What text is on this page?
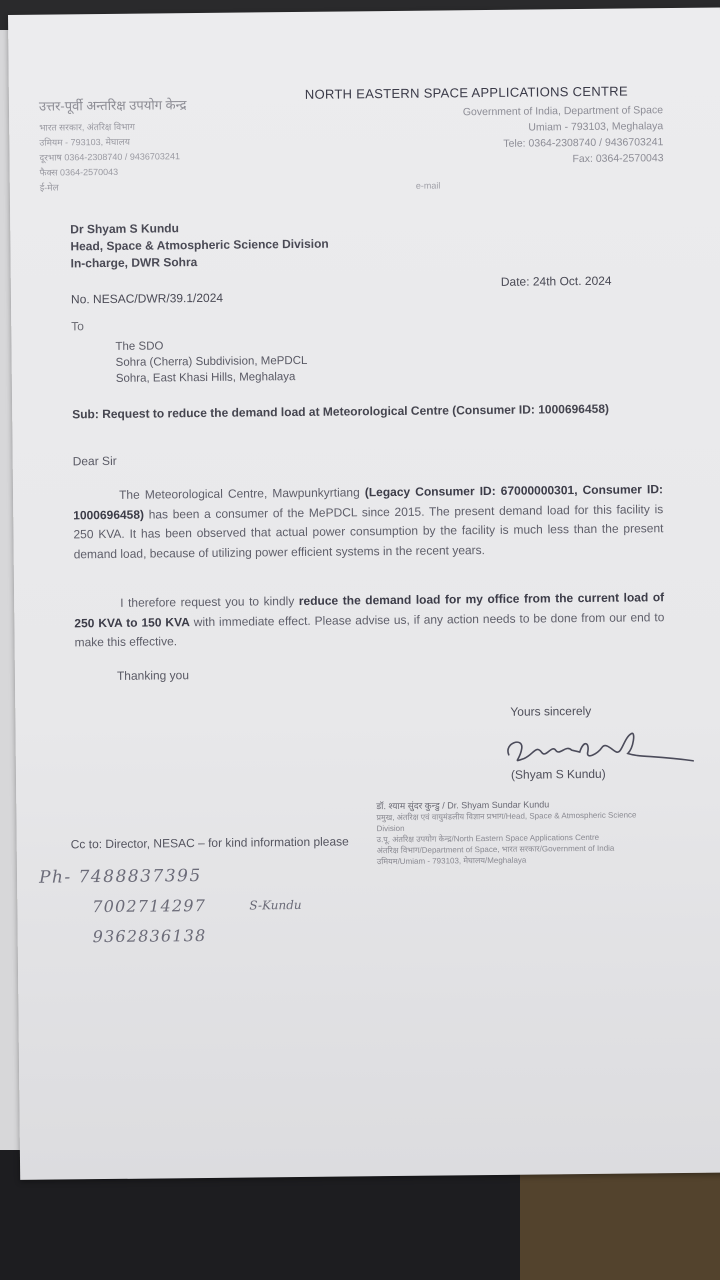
उत्तर-पूर्वी अन्तरिक्ष उपयोग केन्द्र
भारत सरकार, अंतरिक्ष विभाग
उमियम - 793103, मेघालय
दूरभाष 0364-2308740 / 9436703241
फैक्स 0364-2570043
ई-मेल
NORTH EASTERN SPACE APPLICATIONS CENTRE
Government of India, Department of Space
Umiam - 793103, Meghalaya
Tele: 0364-2308740 / 9436703241
Fax: 0364-2570043
e-mail
Dr Shyam S Kundu
Head, Space & Atmospheric Science Division
In-charge, DWR Sohra
No. NESAC/DWR/39.1/2024
Date: 24th Oct. 2024
To
The SDO
Sohra (Cherra) Subdivision, MePDCL
Sohra, East Khasi Hills, Meghalaya
Sub: Request to reduce the demand load at Meteorological Centre (Consumer ID: 1000696458)
Dear Sir
The Meteorological Centre, Mawpunkyrtiang (Legacy Consumer ID: 67000000301, Consumer ID: 1000696458) has been a consumer of the MePDCL since 2015. The present demand load for this facility is 250 KVA. It has been observed that actual power consumption by the facility is much less than the present demand load, because of utilizing power efficient systems in the recent years.
I therefore request you to kindly reduce the demand load for my office from the current load of 250 KVA to 150 KVA with immediate effect. Please advise us, if any action needs to be done from our end to make this effective.
Thanking you
Yours sincerely
(Shyam S Kundu)
डॉ. श्याम सुंदर कुन्डु / Dr. Shyam Sundar Kundu
प्रमुख, अंतरिक्ष एवं वायुमंडलीय विज्ञान प्रभाग/Head, Space & Atmospheric Science Division
उ.पू. अंतरिक्ष उपयोग केन्द्र/North Eastern Space Applications Centre
अंतरिक्ष विभाग/Department of Space, भारत सरकार/Government of India
उमियम/Umiam - 793103, मेघालय/Meghalaya
Cc to: Director, NESAC – for kind information please
Ph- 7488837395
7002714297	S-Kundu
9362836138
